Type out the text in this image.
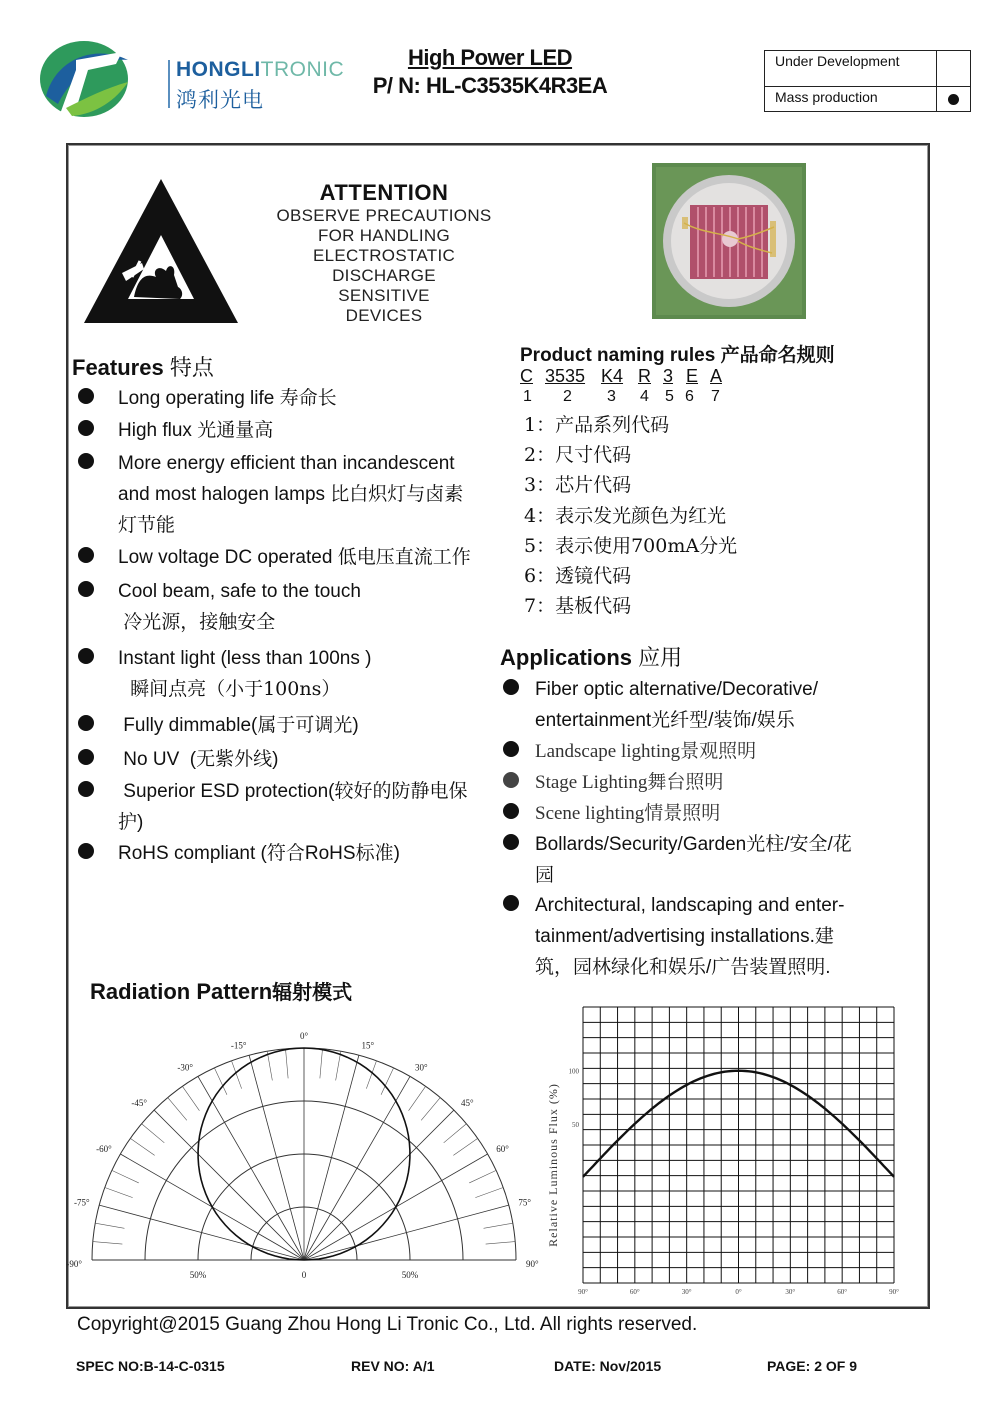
HONGLITRONIC
鸿利光电
High Power LED
P/ N: HL-C3535K4R3EA
Under Development
Mass production
ATTENTION
OBSERVE PRECAUTIONS
FOR HANDLING
ELECTROSTATIC
DISCHARGE
SENSITIVE
DEVICES
Features 特点
Long operating life 寿命长
High flux 光通量高
More energy efficient than incandescent
and most halogen lamps 比白炽灯与卤素
灯节能
Low voltage DC operated 低电压直流工作
Cool beam, safe to the touch
冷光源，接触安全
Instant light (less than 100ns )
瞬间点亮（小于100ns）
Fully dimmable(属于可调光)
No UV  (无紫外线)
Superior ESD protection(较好的防静电保
护)
RoHS compliant (符合RoHS标准)
Product naming rules 产品命名规则
C 3535 K4 R 3 E A
1 2 3 4 5 6 7
1：产品系列代码
2：尺寸代码
3：芯片代码
4：表示发光颜色为红光
5：表示使用700mA分光
6：透镜代码
7：基板代码
Applications 应用
Fiber optic alternative/Decorative/
entertainment光纤型/装饰/娱乐
Landscape lighting景观照明
Stage Lighting舞台照明
Scene lighting情景照明
Bollards/Security/Garden光柱/安全/花
园
Architectural, landscaping and enter-
tainment/advertising installations.建
筑，园林绿化和娱乐/广告装置照明.
Radiation Pattern辐射模式
-90°
-75°
-60°
-45°
-30°
-15°
0°
15°
30°
45°
60°
75°
90°
50%	0	50%
90°	60°	30°	0°	30°	60°	90°
100
50
Relative Luminous Flux (%)
Copyright@2015 Guang Zhou Hong Li Tronic Co., Ltd. All rights reserved.
SPEC NO:B-14-C-0315	REV NO: A/1	DATE: Nov/2015	PAGE: 2 OF 9
